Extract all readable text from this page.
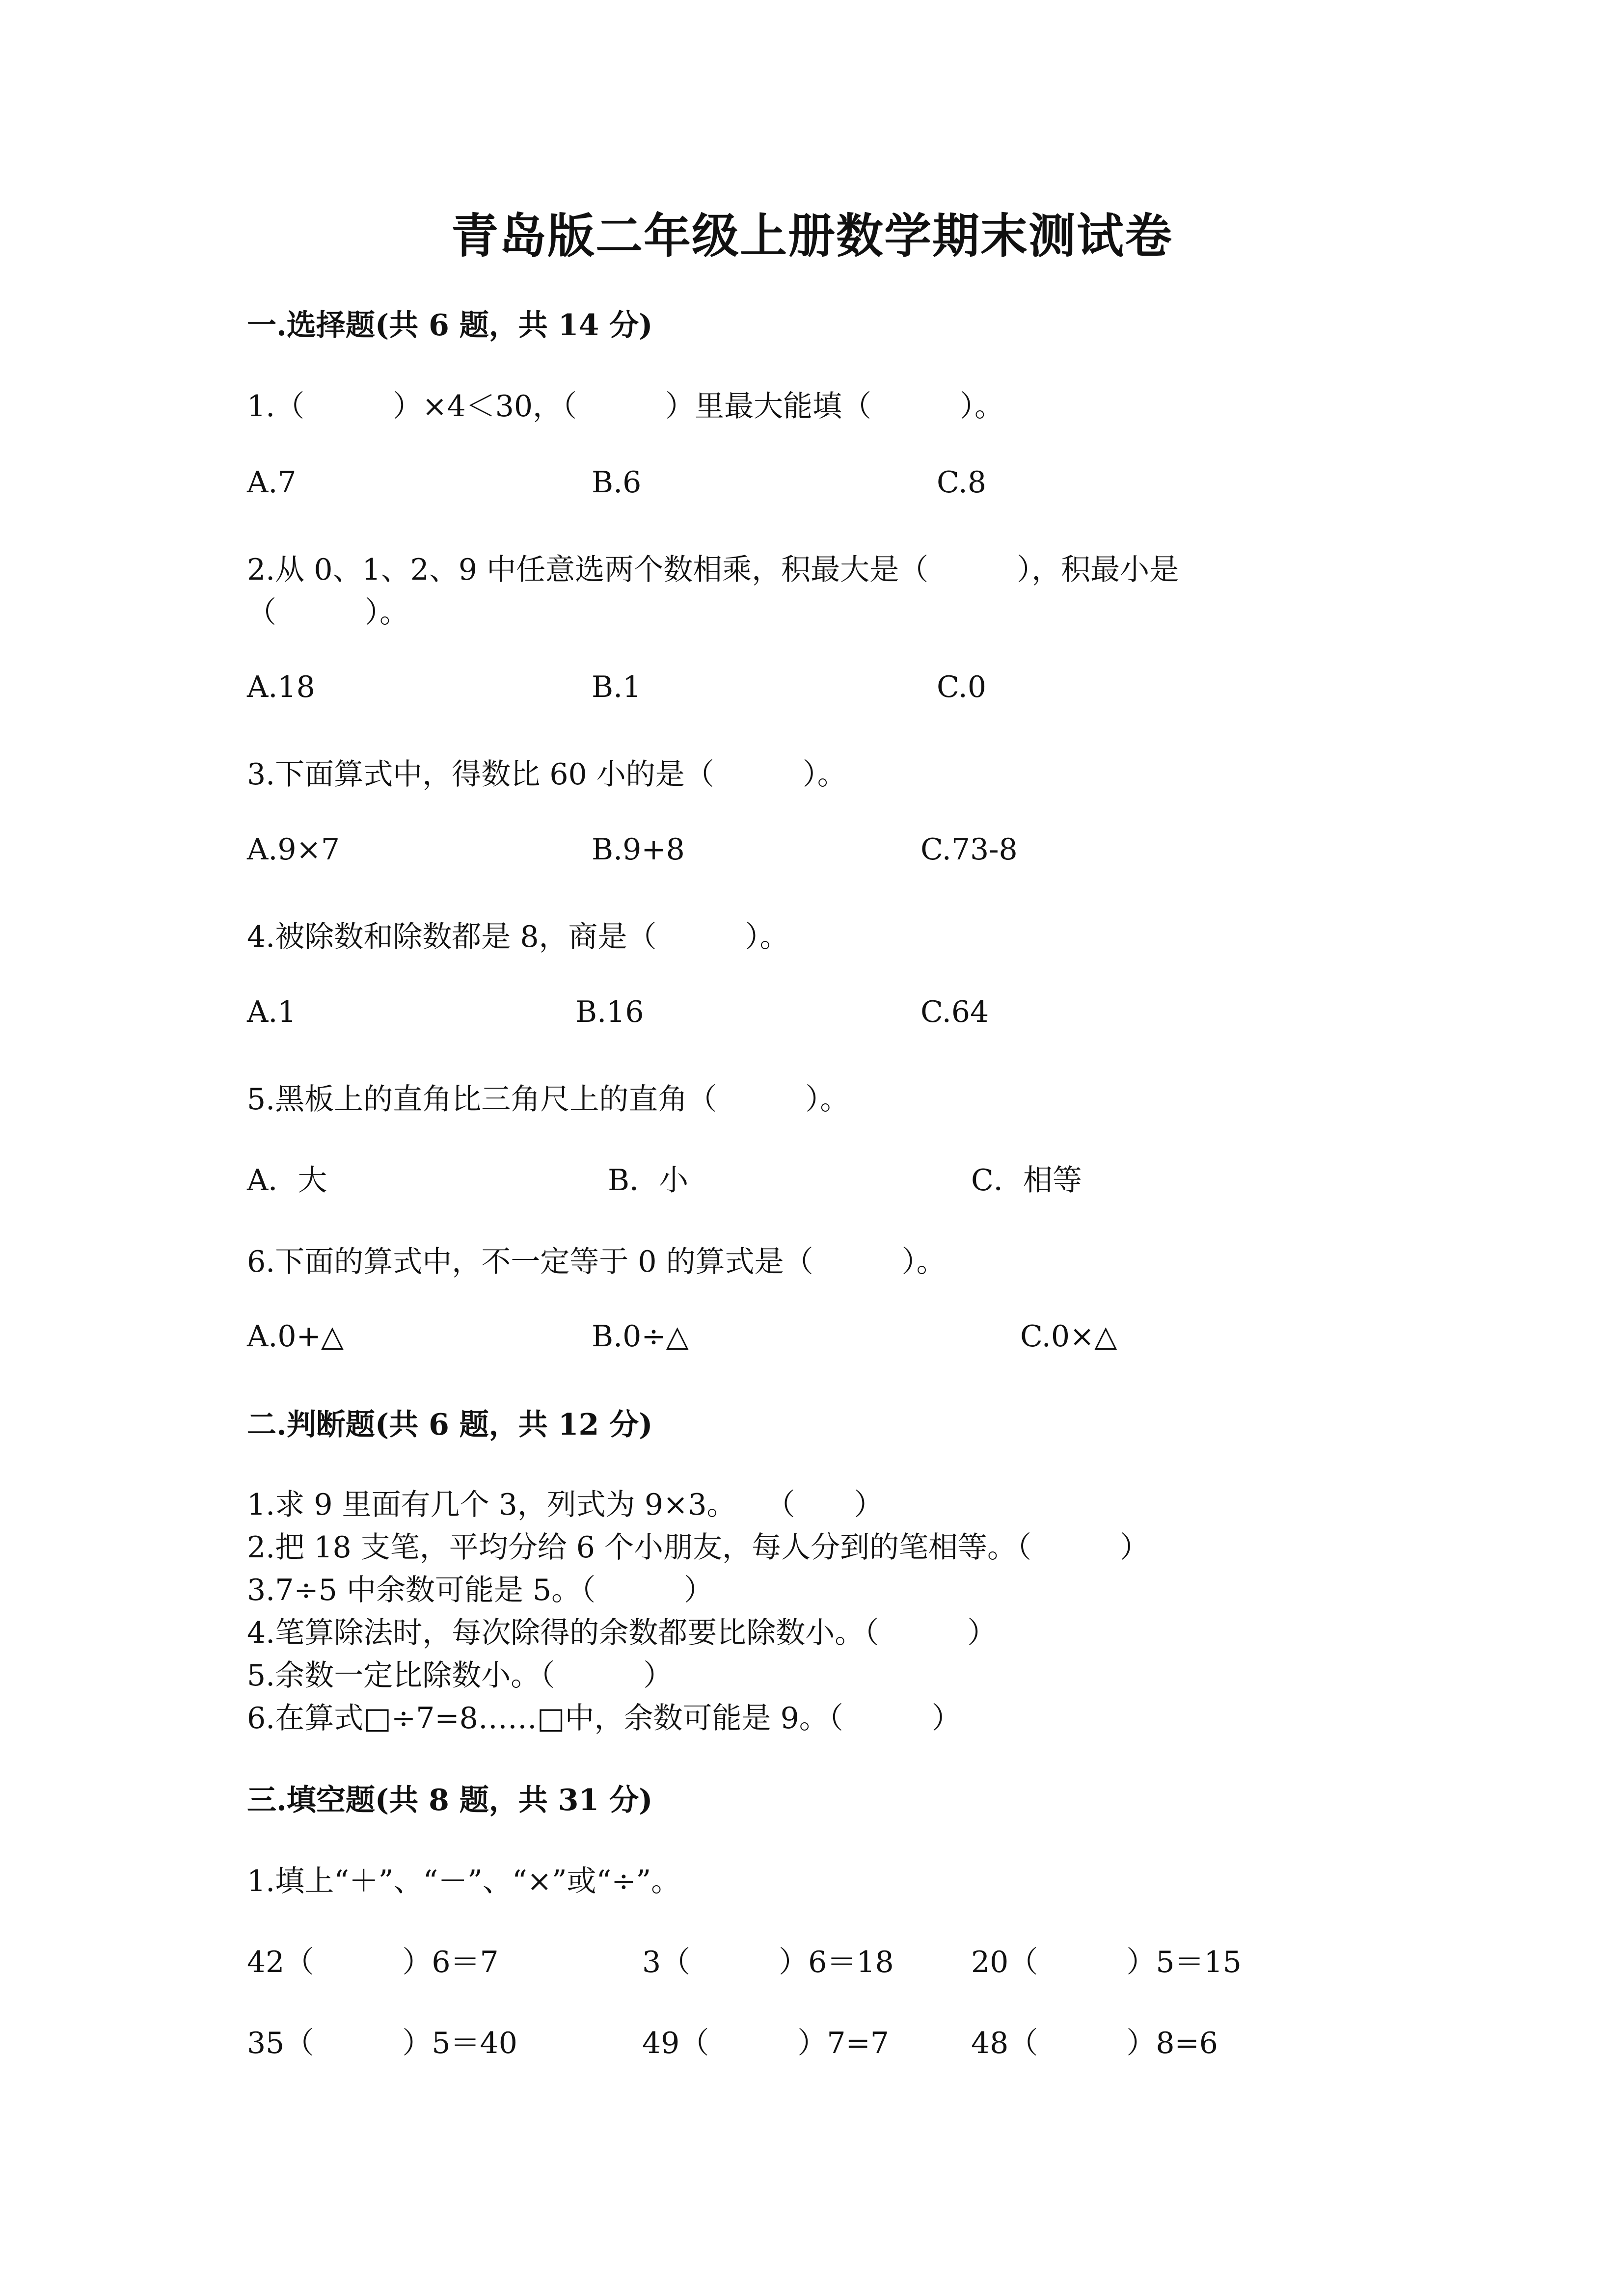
青岛版二年级上册数学期末测试卷
一.选择题(共 6 题，共 14 分)
1.（　　　）×4＜30，（　　　）里最大能填（　　　）。
A.7	B.6	C.8
2.从 0、1、2、9 中任意选两个数相乘，积最大是（　　　），积最小是
（　　　）。
A.18	B.1	C.0
3.下面算式中，得数比 60 小的是（　　　）。
A.9×7	B.9+8	C.73-8
4.被除数和除数都是 8，商是（　　　）。
A.1	B.16	C.64
5.黑板上的直角比三角尺上的直角（　　　）。
A．大	B．小	C．相等
6.下面的算式中，不一定等于 0 的算式是（　　　）。
A.0+△	B.0÷△	C.0×△
二.判断题(共 6 题，共 12 分)
1.求 9 里面有几个 3，列式为 9×3。　　（　　）
2.把 18 支笔，平均分给 6 个小朋友，每人分到的笔相等。（　　　）
3.7÷5 中余数可能是 5。（　　　）
4.笔算除法时，每次除得的余数都要比除数小。（　　　）
5.余数一定比除数小。（　　　）
6.在算式□÷7=8……□中，余数可能是 9。（　　　）
三.填空题(共 8 题，共 31 分)
1.填上“＋”、“－”、“×”或“÷”。
42（　　　）6＝7	3（　　　）6＝18	20（　　　）5＝15
35（　　　）5＝40	49（　　　）7=7	48（　　　）8=6
